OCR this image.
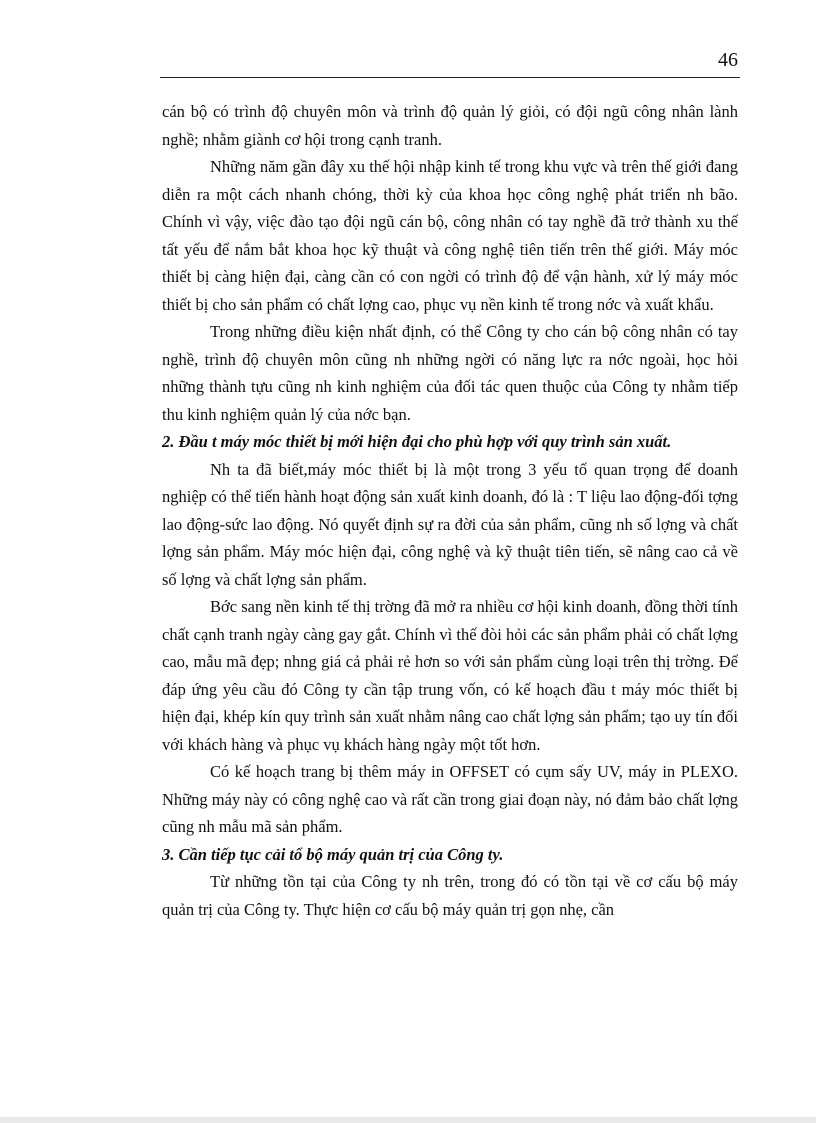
46

cán bộ có trình độ chuyên môn và trình độ quản lý giỏi, có đội ngũ công nhân lành nghề; nhằm giành cơ hội trong cạnh tranh.

Những năm gần đây xu thế hội nhập kinh tế trong khu vực và trên thế giới đang diễn ra một cách nhanh chóng, thời kỳ của khoa học công nghệ phát triển nh bão. Chính vì vậy, việc đào tạo đội ngũ cán bộ, công nhân có tay nghề đã trở thành xu thế tất yếu để nắm bắt khoa học kỹ thuật và công nghệ tiên tiến trên thế giới. Máy móc thiết bị càng hiện đại, càng cần có con ngời có trình độ để vận hành, xử lý máy móc thiết bị cho sản phẩm có chất lợng cao, phục vụ nền kinh tế trong nớc và xuất khẩu.

Trong những điều kiện nhất định, có thể Công ty cho cán bộ công nhân có tay nghề, trình độ chuyên môn cũng nh những ngời có năng lực ra nớc ngoài, học hỏi những thành tựu cũng nh kinh nghiệm của đối tác quen thuộc của Công ty nhằm tiếp thu kinh nghiệm quản lý của nớc bạn.

2. Đầu t máy móc thiết bị mới hiện đại cho phù hợp với quy trình sản xuất.

Nh ta đã biết,máy móc thiết bị là một trong 3 yếu tố quan trọng để doanh nghiệp có thể tiến hành hoạt động sản xuất kinh doanh, đó là : T liệu lao động-đối tợng lao động-sức lao động. Nó quyết định sự ra đời của sản phẩm, cũng nh số lợng và chất lợng sản phẩm. Máy móc hiện đại, công nghệ và kỹ thuật tiên tiến, sẽ nâng cao cả về số lợng và chất lợng sản phẩm.

Bớc sang nền kinh tế thị trờng đã mở ra nhiều cơ hội kinh doanh, đồng thời tính chất cạnh tranh ngày càng gay gắt. Chính vì thế đòi hỏi các sản phẩm phải có chất lợng cao, mẫu mã đẹp; nhng giá cả phải rẻ hơn so với sản phẩm cùng loại trên thị trờng. Để đáp ứng yêu cầu đó Công ty cần tập trung vốn, có kế hoạch đầu t máy móc thiết bị hiện đại, khép kín quy trình sản xuất nhằm nâng cao chất lợng sản phẩm; tạo uy tín đối với khách hàng và phục vụ khách hàng ngày một tốt hơn.

Có kế hoạch trang bị thêm máy in OFFSET có cụm sấy UV, máy in PLEXO. Những máy này có công nghệ cao và rất cần trong giai đoạn này, nó đảm bảo chất lợng cũng nh mẫu mã sản phẩm.

3. Cần tiếp tục cải tổ bộ máy quản trị của Công ty.

Từ những tồn tại của Công ty nh trên, trong đó có tồn tại về cơ cấu bộ máy quản trị của Công ty. Thực hiện cơ cấu bộ máy quản trị gọn nhẹ, cần
